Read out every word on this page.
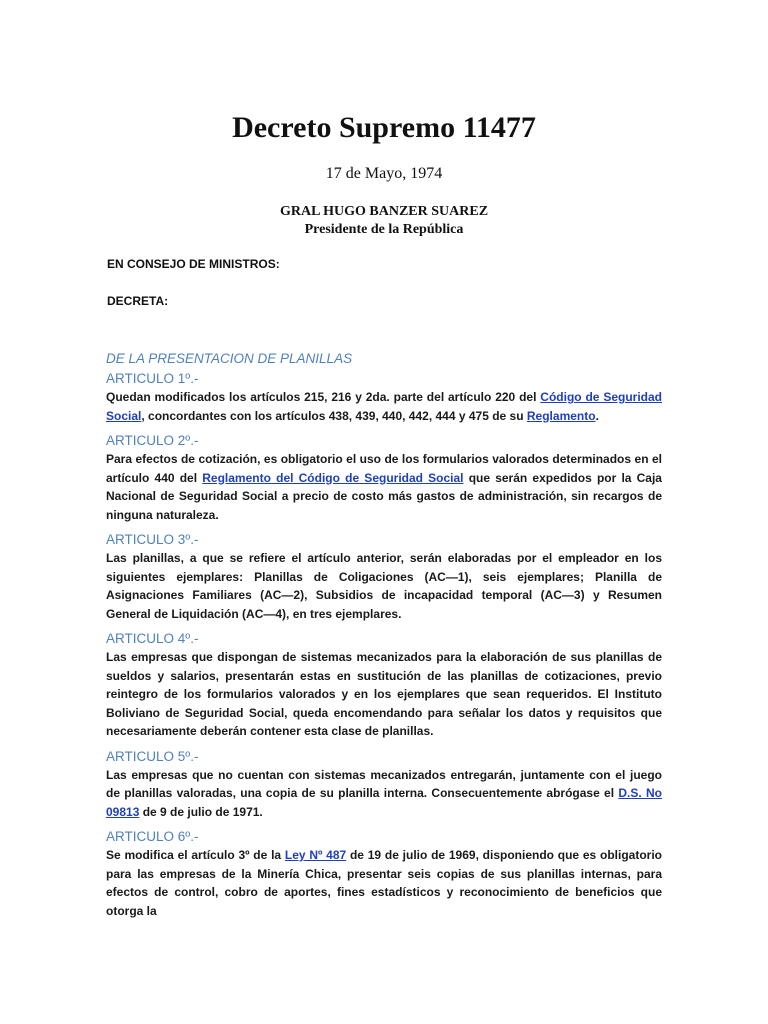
Decreto Supremo 11477
17 de Mayo, 1974
GRAL HUGO BANZER SUAREZ
Presidente de la República
EN CONSEJO DE MINISTROS:
DECRETA:
DE LA PRESENTACION DE PLANILLAS
ARTICULO 1º.-

Quedan modificados los artículos 215, 216 y 2da. parte del artículo 220 del Código de Seguridad Social, concordantes con los artículos 438, 439, 440, 442, 444 y 475 de su Reglamento.

ARTICULO 2º.-

Para efectos de cotización, es obligatorio el uso de los formularios valorados determinados en el artículo 440 del Reglamento del Código de Seguridad Social que serán expedidos por la Caja Nacional de Seguridad Social a precio de costo más gastos de administración, sin recargos de ninguna naturaleza.

ARTICULO 3º.-

Las planillas, a que se refiere el artículo anterior, serán elaboradas por el empleador en los siguientes ejemplares: Planillas de Coligaciones (AC—1), seis ejemplares; Planilla de Asignaciones Familiares (AC—2), Subsidios de incapacidad temporal (AC—3) y Resumen General de Liquidación (AC—4), en tres ejemplares.

ARTICULO 4º.-

Las empresas que dispongan de sistemas mecanizados para la elaboración de sus planillas de sueldos y salarios, presentarán estas en sustitución de las planillas de cotizaciones, previo reintegro de los formularios valorados y en los ejemplares que sean requeridos. El Instituto Boliviano de Seguridad Social, queda encomendando para señalar los datos y requisitos que necesariamente deberán contener esta clase de planillas.

ARTICULO 5º.-

Las empresas que no cuentan con sistemas mecanizados entregarán, juntamente con el juego de planillas valoradas, una copia de su planilla interna. Consecuentemente abrógase el D.S. No 09813 de 9 de julio de 1971.

ARTICULO 6º.-

Se modifica el artículo 3º de la Ley Nº 487 de 19 de julio de 1969, disponiendo que es obligatorio para las empresas de la Minería Chica, presentar seis copias de sus planillas internas, para efectos de control, cobro de aportes, fines estadísticos y reconocimiento de beneficios que otorga la
